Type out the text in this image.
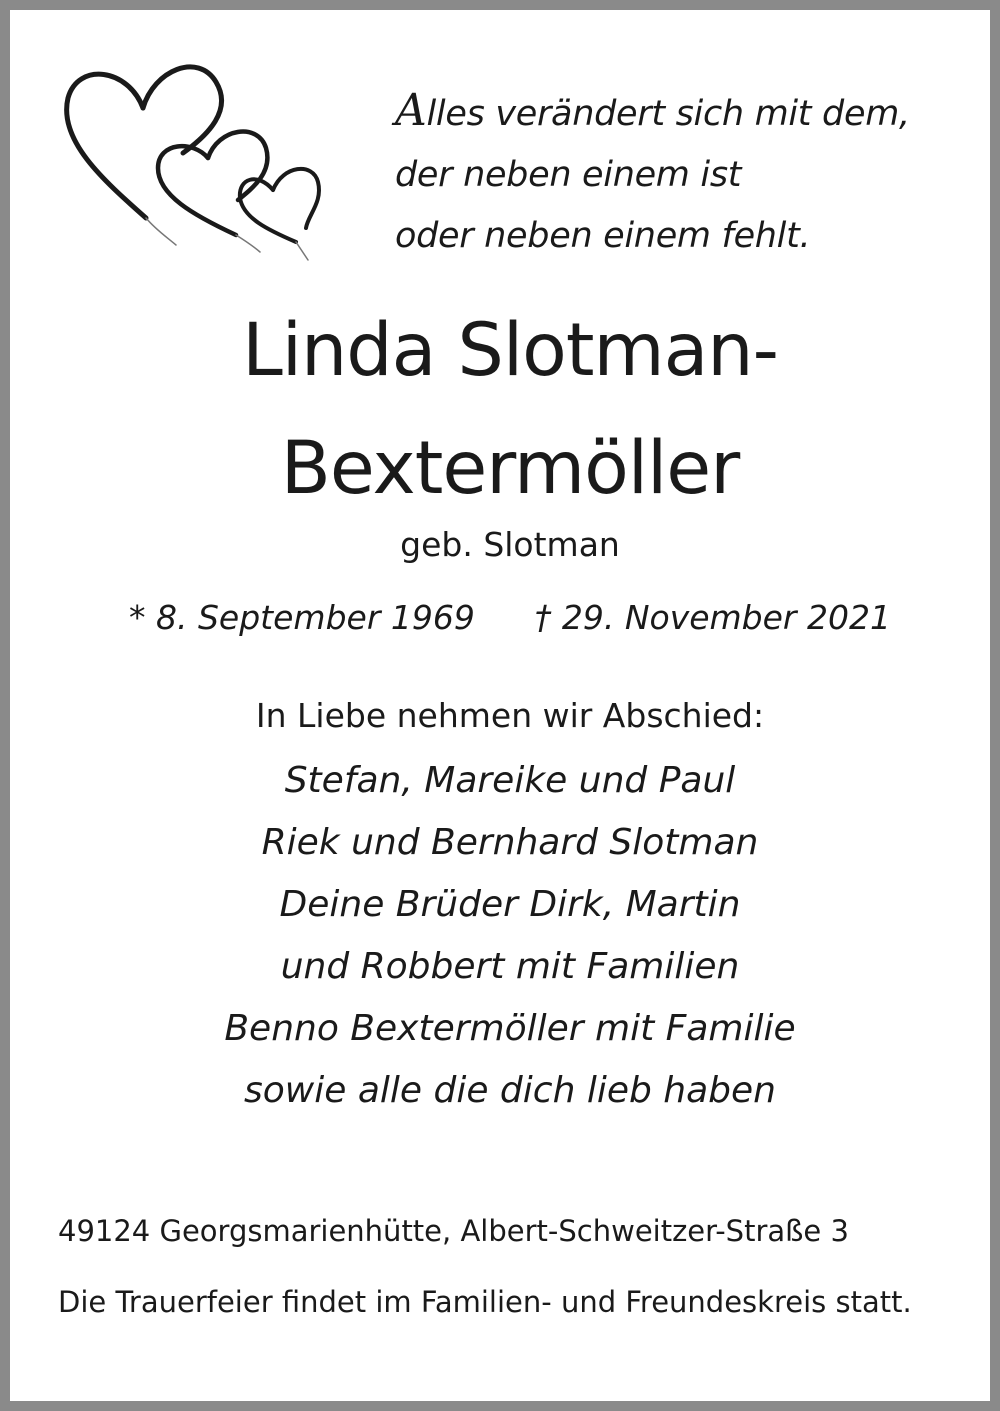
Alles verändert sich mit dem,
der neben einem ist
oder neben einem fehlt.
Linda Slotman-
Bextermöller
geb. Slotman
* 8. September 1969 † 29. November 2021
In Liebe nehmen wir Abschied:
Stefan, Mareike und Paul
Riek und Bernhard Slotman
Deine Brüder Dirk, Martin
und Robbert mit Familien
Benno Bextermöller mit Familie
sowie alle die dich lieb haben
49124 Georgsmarienhütte, Albert-Schweitzer-Straße 3
Die Trauerfeier findet im Familien- und Freundeskreis statt.
